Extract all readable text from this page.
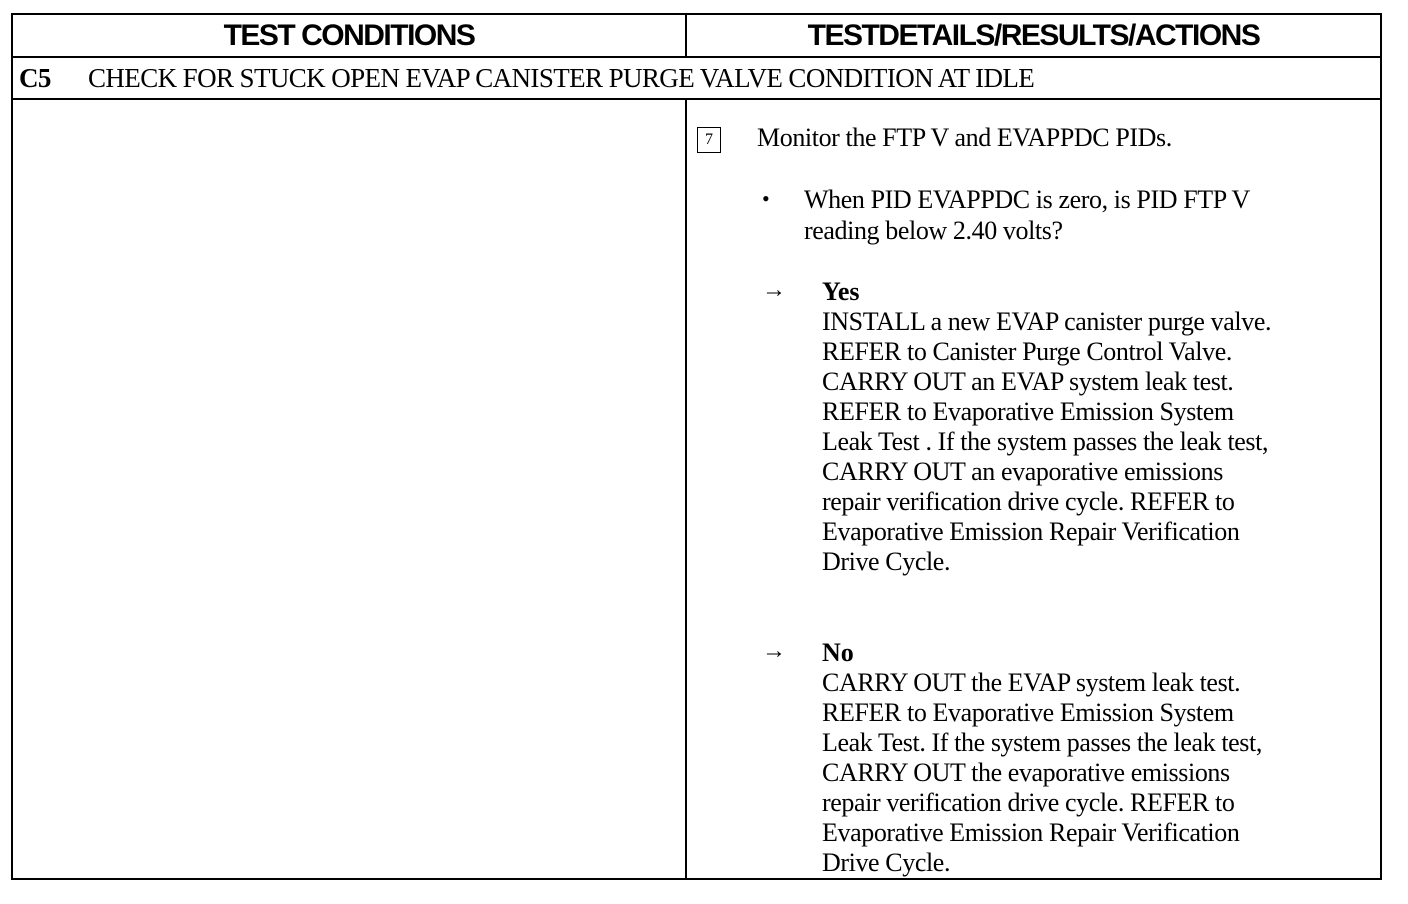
TEST CONDITIONS	TESTDETAILS/RESULTS/ACTIONS
C5 CHECK FOR STUCK OPEN EVAP CANISTER PURGE VALVE CONDITION AT IDLE
7	Monitor the FTP V and EVAPPDC PIDs.
• When PID EVAPPDC is zero, is PID FTP V
reading below 2.40 volts?
→ Yes
INSTALL a new EVAP canister purge valve.
REFER to Canister Purge Control Valve.
CARRY OUT an EVAP system leak test.
REFER to Evaporative Emission System
Leak Test . If the system passes the leak test,
CARRY OUT an evaporative emissions
repair verification drive cycle. REFER to
Evaporative Emission Repair Verification
Drive Cycle.
→ No
CARRY OUT the EVAP system leak test.
REFER to Evaporative Emission System
Leak Test. If the system passes the leak test,
CARRY OUT the evaporative emissions
repair verification drive cycle. REFER to
Evaporative Emission Repair Verification
Drive Cycle.
